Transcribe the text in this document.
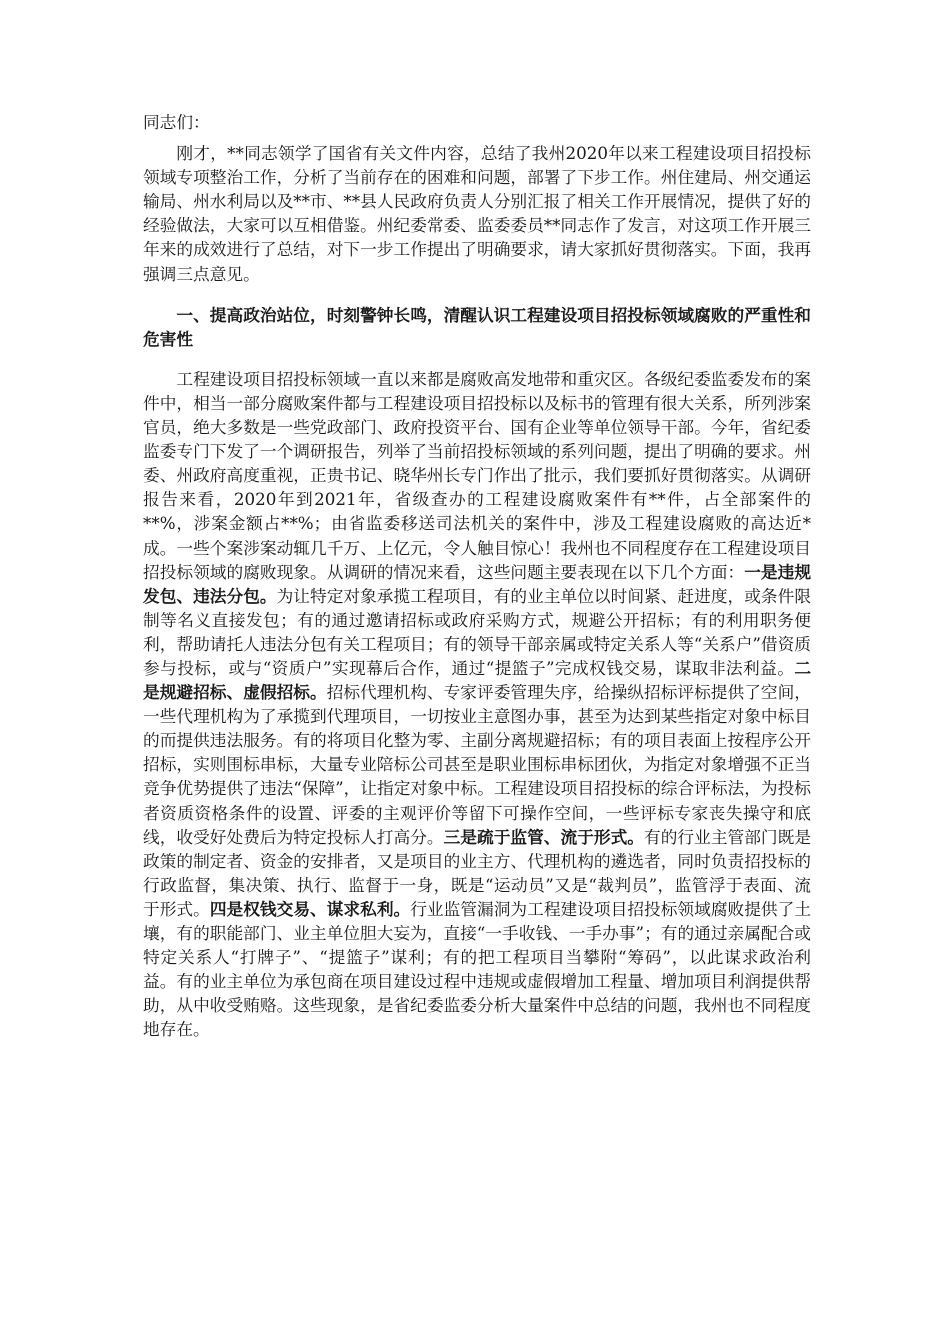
同志们：

刚才，**同志领学了国省有关文件内容，总结了我州2020年以来工程建设项目招投标领域专项整治工作，分析了当前存在的困难和问题，部署了下步工作。州住建局、州交通运输局、州水利局以及**市、**县人民政府负责人分别汇报了相关工作开展情况，提供了好的经验做法，大家可以互相借鉴。州纪委常委、监委委员**同志作了发言，对这项工作开展三年来的成效进行了总结，对下一步工作提出了明确要求，请大家抓好贯彻落实。下面，我再强调三点意见。

一、提高政治站位，时刻警钟长鸣，清醒认识工程建设项目招投标领域腐败的严重性和危害性

工程建设项目招投标领域一直以来都是腐败高发地带和重灾区。各级纪委监委发布的案件中，相当一部分腐败案件都与工程建设项目招投标以及标书的管理有很大关系，所列涉案官员，绝大多数是一些党政部门、政府投资平台、国有企业等单位领导干部。今年，省纪委监委专门下发了一个调研报告，列举了当前招投标领域的系列问题，提出了明确的要求。州委、州政府高度重视，正贵书记、晓华州长专门作出了批示，我们要抓好贯彻落实。从调研报告来看，2020年到2021年，省级查办的工程建设腐败案件有**件，占全部案件的**%，涉案金额占**%；由省监委移送司法机关的案件中，涉及工程建设腐败的高达近*成。一些个案涉案动辄几千万、上亿元，令人触目惊心！我州也不同程度存在工程建设项目招投标领域的腐败现象。从调研的情况来看，这些问题主要表现在以下几个方面：一是违规发包、违法分包。为让特定对象承揽工程项目，有的业主单位以时间紧、赶进度，或条件限制等名义直接发包；有的通过邀请招标或政府采购方式，规避公开招标；有的利用职务便利，帮助请托人违法分包有关工程项目；有的领导干部亲属或特定关系人等“关系户”借资质参与投标，或与“资质户”实现幕后合作，通过“提篮子”完成权钱交易，谋取非法利益。二是规避招标、虚假招标。招标代理机构、专家评委管理失序，给操纵招标评标提供了空间，一些代理机构为了承揽到代理项目，一切按业主意图办事，甚至为达到某些指定对象中标目的而提供违法服务。有的将项目化整为零、主副分离规避招标；有的项目表面上按程序公开招标，实则围标串标，大量专业陪标公司甚至是职业围标串标团伙，为指定对象增强不正当竞争优势提供了违法“保障”，让指定对象中标。工程建设项目招投标的综合评标法，为投标者资质资格条件的设置、评委的主观评价等留下可操作空间，一些评标专家丧失操守和底线，收受好处费后为特定投标人打高分。三是疏于监管、流于形式。有的行业主管部门既是政策的制定者、资金的安排者，又是项目的业主方、代理机构的遴选者，同时负责招投标的行政监督，集决策、执行、监督于一身，既是“运动员”又是“裁判员”，监管浮于表面、流于形式。四是权钱交易、谋求私利。行业监管漏洞为工程建设项目招投标领域腐败提供了土壤，有的职能部门、业主单位胆大妄为，直接“一手收钱、一手办事”；有的通过亲属配合或特定关系人“打牌子”、“提篮子”谋利；有的把工程项目当攀附“筹码”，以此谋求政治利益。有的业主单位为承包商在项目建设过程中违规或虚假增加工程量、增加项目利润提供帮助，从中收受贿赂。这些现象，是省纪委监委分析大量案件中总结的问题，我州也不同程度地存在。
